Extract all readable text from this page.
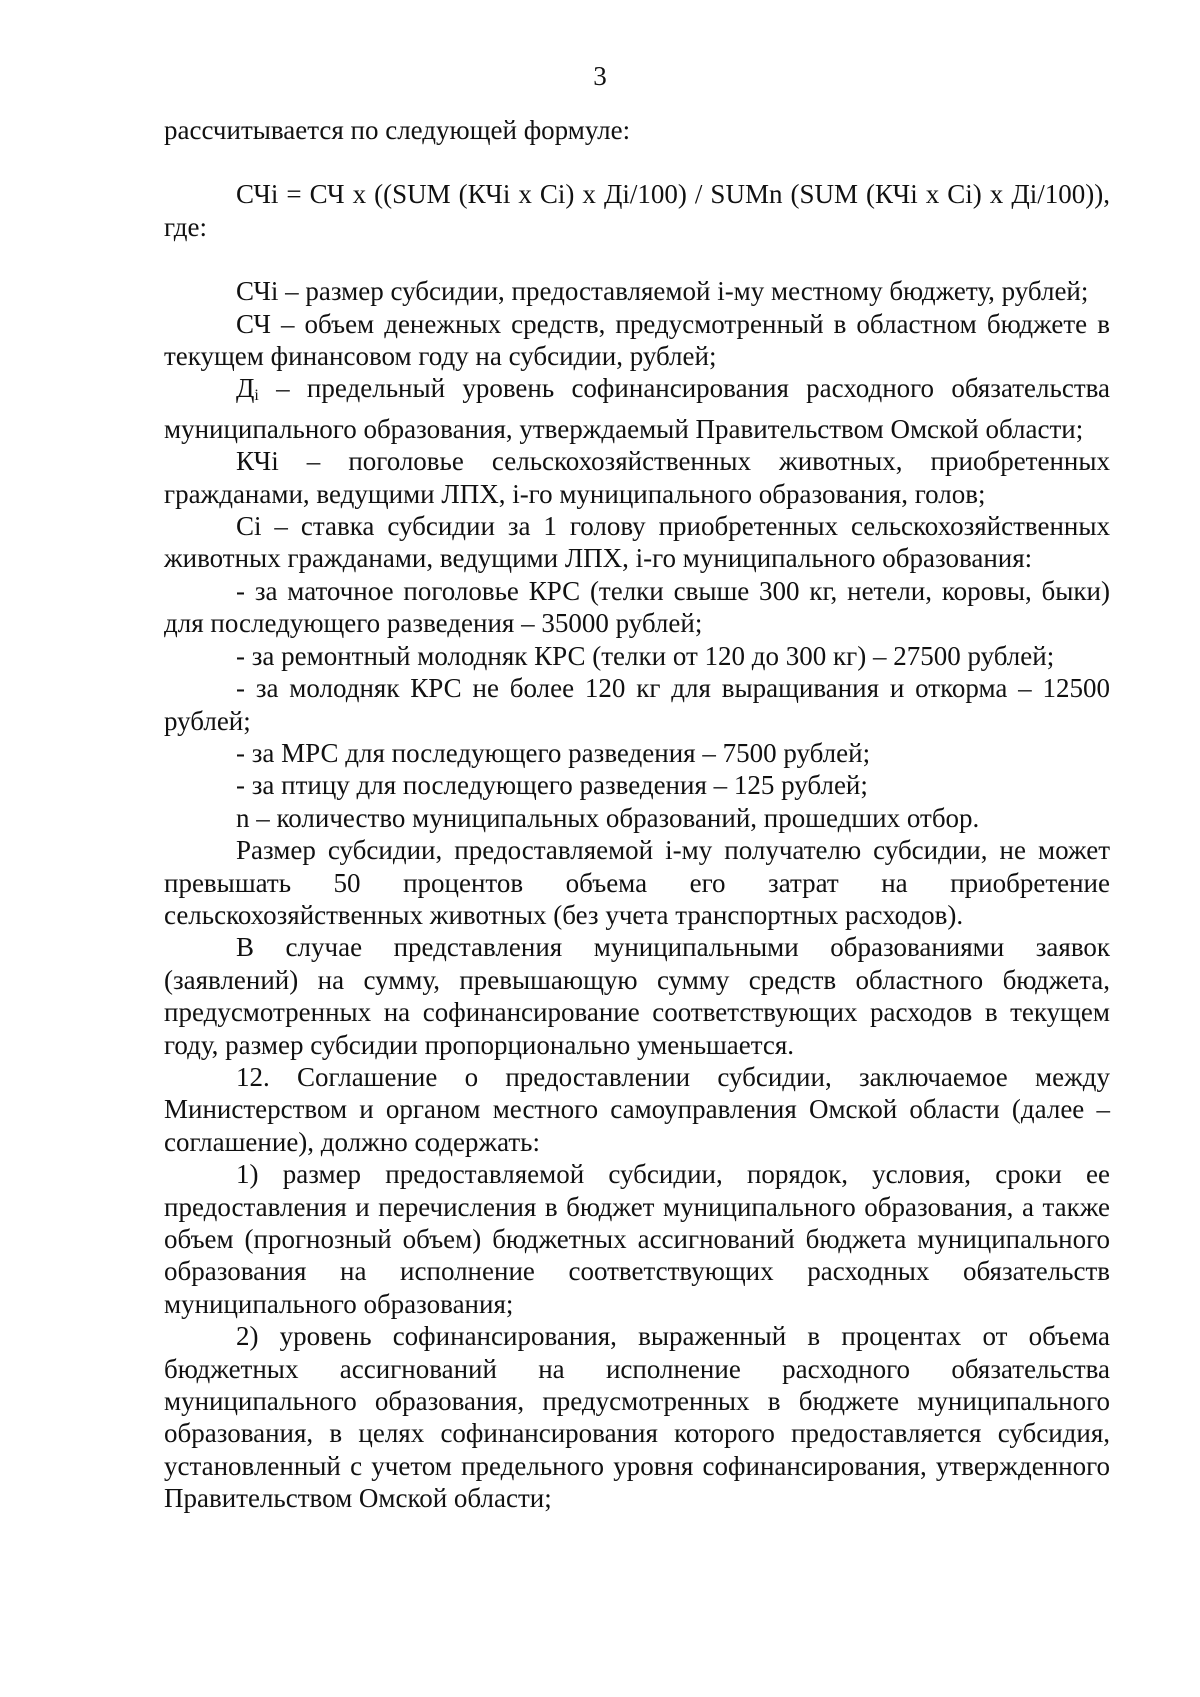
3

рассчитывается по следующей формуле:

СЧi = СЧ x ((SUM (КЧi x Ci) x Дi/100) / SUMn (SUM (КЧi x Ci) x Дi/100)), где:

СЧi – размер субсидии, предоставляемой i-му местному бюджету, рублей;

СЧ – объем денежных средств, предусмотренный в областном бюджете в текущем финансовом году на субсидии, рублей;

Дi – предельный уровень софинансирования расходного обязательства муниципального образования, утверждаемый Правительством Омской области;

КЧi – поголовье сельскохозяйственных животных, приобретенных гражданами, ведущими ЛПХ, i-го муниципального образования, голов;

Ci – ставка субсидии за 1 голову приобретенных сельскохозяйственных животных гражданами, ведущими ЛПХ, i-го муниципального образования:

- за маточное поголовье КРС (телки свыше 300 кг, нетели, коровы, быки) для последующего разведения – 35000 рублей;

- за ремонтный молодняк КРС (телки от 120 до 300 кг) – 27500 рублей;

- за молодняк КРС не более 120 кг для выращивания и откорма – 12500 рублей;

- за МРС для последующего разведения – 7500 рублей;

- за птицу для последующего разведения – 125 рублей;

n – количество муниципальных образований, прошедших отбор.

Размер субсидии, предоставляемой i-му получателю субсидии, не может превышать 50 процентов объема его затрат на приобретение сельскохозяйственных животных (без учета транспортных расходов).

В случае представления муниципальными образованиями заявок (заявлений) на сумму, превышающую сумму средств областного бюджета, предусмотренных на софинансирование соответствующих расходов в текущем году, размер субсидии пропорционально уменьшается.

12. Соглашение о предоставлении субсидии, заключаемое между Министерством и органом местного самоуправления Омской области (далее – соглашение), должно содержать:

1) размер предоставляемой субсидии, порядок, условия, сроки ее предоставления и перечисления в бюджет муниципального образования, а также объем (прогнозный объем) бюджетных ассигнований бюджета муниципального образования на исполнение соответствующих расходных обязательств муниципального образования;

2) уровень софинансирования, выраженный в процентах от объема бюджетных ассигнований на исполнение расходного обязательства муниципального образования, предусмотренных в бюджете муниципального образования, в целях софинансирования которого предоставляется субсидия, установленный с учетом предельного уровня софинансирования, утвержденного Правительством Омской области;
